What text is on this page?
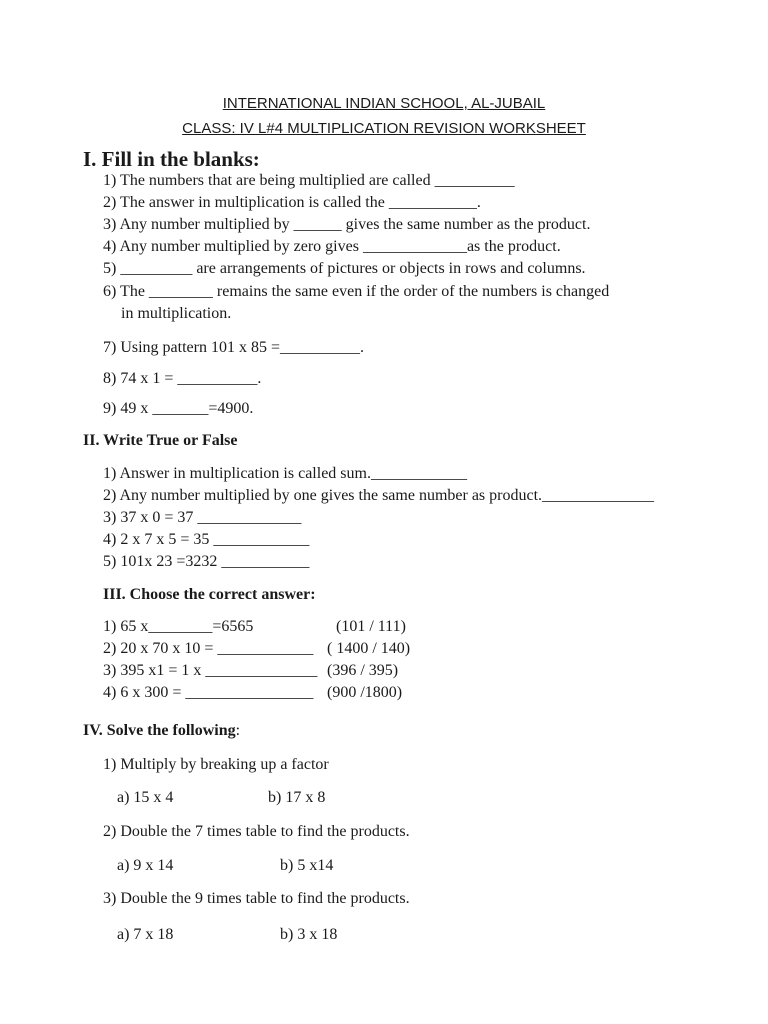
INTERNATIONAL INDIAN SCHOOL, AL-JUBAIL
CLASS: IV L#4 MULTIPLICATION REVISION WORKSHEET
I. Fill in the blanks:
1) The numbers that are being multiplied are called __________
2) The answer in multiplication is called the ___________.
3) Any number multiplied by ______ gives the same number as the product.
4) Any number multiplied by zero gives _____________as the product.
5) _________ are arrangements of pictures or objects in rows and columns.
6) The ________ remains the same even if the order of the numbers is changed
in multiplication.
7) Using pattern 101 x 85 =__________.
8) 74 x 1 = __________.
9) 49 x _______=4900.
II. Write True or False
1) Answer in multiplication is called sum.____________
2) Any number multiplied by one gives the same number as product.______________
3) 37 x 0 = 37 _____________
4) 2 x 7 x 5 = 35 ____________
5) 101x 23 =3232 ___________
III. Choose the correct answer:
1) 65 x________=6565	(101 / 111)
2) 20 x 70 x 10 = ____________ ( 1400 / 140)
3) 395 x1 = 1 x ______________ (396 / 395)
4) 6 x 300 = ________________ (900 /1800)
IV. Solve the following:
1) Multiply by breaking up a factor
a) 15 x 4	b) 17 x 8
2) Double the 7 times table to find the products.
a) 9 x 14	b) 5 x14
3) Double the 9 times table to find the products.
a) 7 x 18	b) 3 x 18
